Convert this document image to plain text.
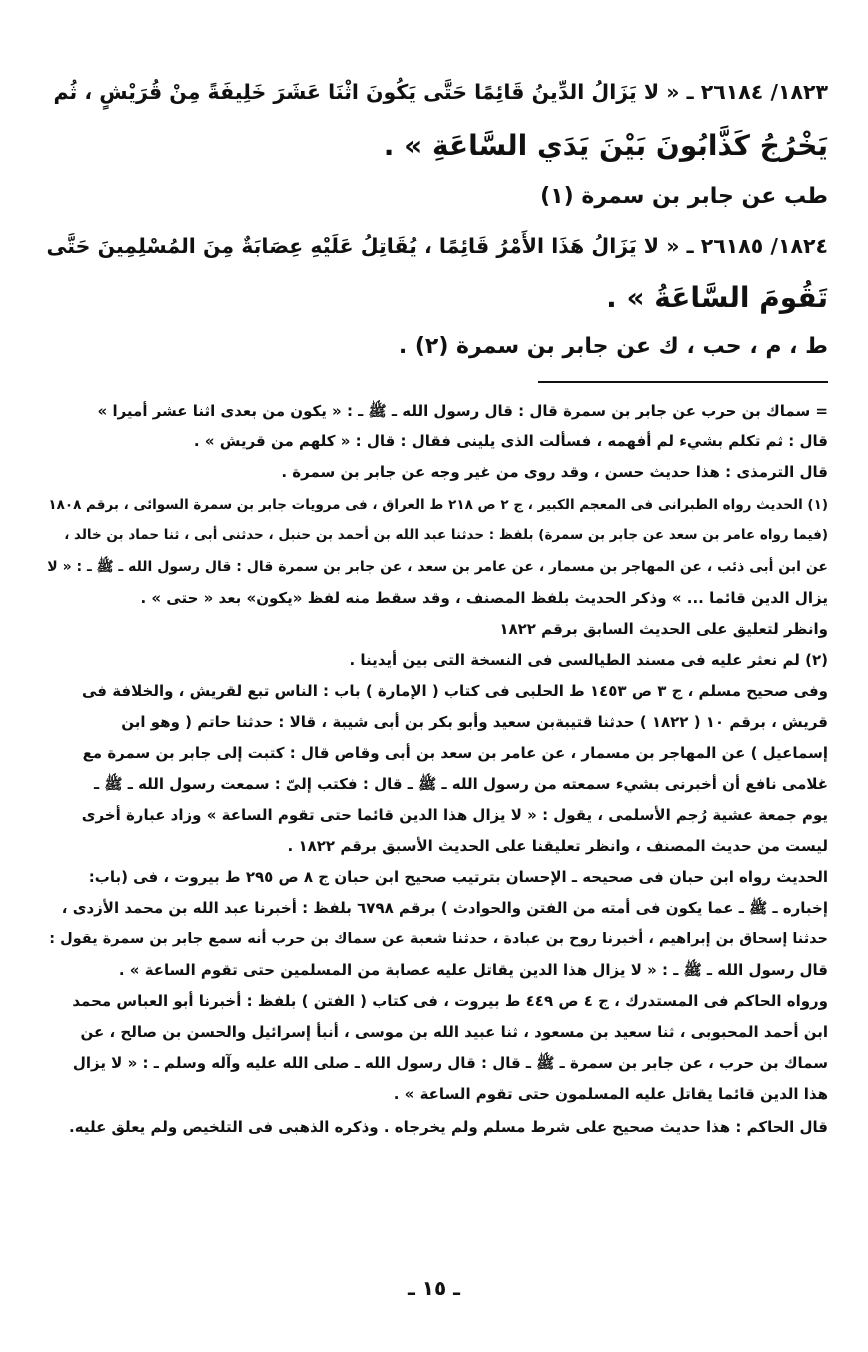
١٨٢٣/ ٢٦١٨٤ ـ « لا يَزَالُ الدِّينُ قَائِمًا حَتَّى يَكُونَ اثْنَا عَشَرَ خَلِيفَةً مِنْ قُرَيْشٍ ، ثُم
يَخْرُجُ كَذَّابُونَ بَيْنَ يَدَي السَّاعَةِ » .
طب عن جابر بن سمرة (١)
١٨٢٤/ ٢٦١٨٥ ـ « لا يَزَالُ هَذَا الأَمْرُ قَائِمًا ، يُقَاتِلُ عَلَيْهِ عِصَابَةٌ مِنَ المُسْلِمِينَ حَتَّى
تَقُومَ السَّاعَةُ » .
ط ، م ، حب ، ك عن جابر بن سمرة (٢) .
= سماك بن حرب عن جابر بن سمرة قال : قال رسول الله ـ ﷺ ـ : « يكون من بعدى اثنا عشر أميرا »
قال : ثم تكلم بشيء لم أفهمه ، فسألت الذى يلينى فقال : قال : « كلهم من قريش » .
قال الترمذى : هذا حديث حسن ، وقد روى من غير وجه عن جابر بن سمرة .
(١) الحديث رواه الطبرانى فى المعجم الكبير ، ج ٢ ص ٢١٨ ط العراق ، فى مرويات جابر بن سمرة السوائى ، برقم ١٨٠٨
(فيما رواه عامر بن سعد عن جابر بن سمرة) بلفظ : حدثنا عبد الله بن أحمد بن حنبل ، حدثنى أبى ، ثنا حماد بن خالد ،
عن ابن أبى ذئب ، عن المهاجر بن مسمار ، عن عامر بن سعد ، عن جابر بن سمرة قال : قال رسول الله ـ ﷺ ـ : « لا
يزال الدين قائما ... » وذكر الحديث بلفظ المصنف ، وقد سقط منه لفظ «يكون» بعد « حتى » .
وانظر لتعليق على الحديث السابق برقم ١٨٢٢
(٢) لم نعثر عليه فى مسند الطيالسى فى النسخة التى بين أيدينا .
وفى صحيح مسلم ، ج ٣ ص ١٤٥٣ ط الحلبى فى كتاب ( الإمارة ) باب : الناس تبع لقريش ، والخلافة فى
قريش ، برقم ١٠ ( ١٨٢٢ ) حدثنا قتيبةبن سعيد وأبو بكر بن أبى شيبة ، قالا : حدثنا حاتم ( وهو ابن
إسماعيل ) عن المهاجر بن مسمار ، عن عامر بن سعد بن أبى وقاص قال : كتبت إلى جابر بن سمرة مع
غلامى نافع أن أخبرنى بشيء سمعته من رسول الله ـ ﷺ ـ قال : فكتب إلىّ : سمعت رسول الله ـ ﷺ ـ
يوم جمعة عشية رُجم الأسلمى ، يقول : « لا يزال هذا الدين قائما حتى تقوم الساعة » وزاد عبارة أخرى
ليست من حديث المصنف ، وانظر تعليقنا على الحديث الأسبق برقم ١٨٢٢ .
الحديث رواه ابن حبان فى صحيحه ـ الإحسان بترتيب صحيح ابن حبان ج ٨ ص ٢٩٥ ط بيروت ، فى (باب:
إخباره ـ ﷺ ـ عما يكون فى أمته من الفتن والحوادث ) برقم ٦٧٩٨ بلفظ : أخبرنا عبد الله بن محمد الأزدى ،
حدثنا إسحاق بن إبراهيم ، أخبرنا روح بن عبادة ، حدثنا شعبة عن سماك بن حرب أنه سمع جابر بن سمرة يقول :
قال رسول الله ـ ﷺ ـ : « لا يزال هذا الدين يقاتل عليه عصابة من المسلمين حتى تقوم الساعة » .
ورواه الحاكم فى المستدرك ، ج ٤ ص ٤٤٩ ط بيروت ، فى كتاب ( الفتن ) بلفظ : أخبرنا أبو العباس محمد
ابن أحمد المحبوبى ، ثنا سعيد بن مسعود ، ثنا عبيد الله بن موسى ، أنبأ إسرائيل والحسن بن صالح ، عن
سماك بن حرب ، عن جابر بن سمرة ـ ﷺ ـ قال : قال رسول الله ـ صلى الله عليه وآله وسلم ـ : « لا يزال
هذا الدين قائما يقاتل عليه المسلمون حتى تقوم الساعة » .
قال الحاكم : هذا حديث صحيح على شرط مسلم ولم يخرجاه . وذكره الذهبى فى التلخيص ولم يعلق عليه.
ـ ١٥ ـ
